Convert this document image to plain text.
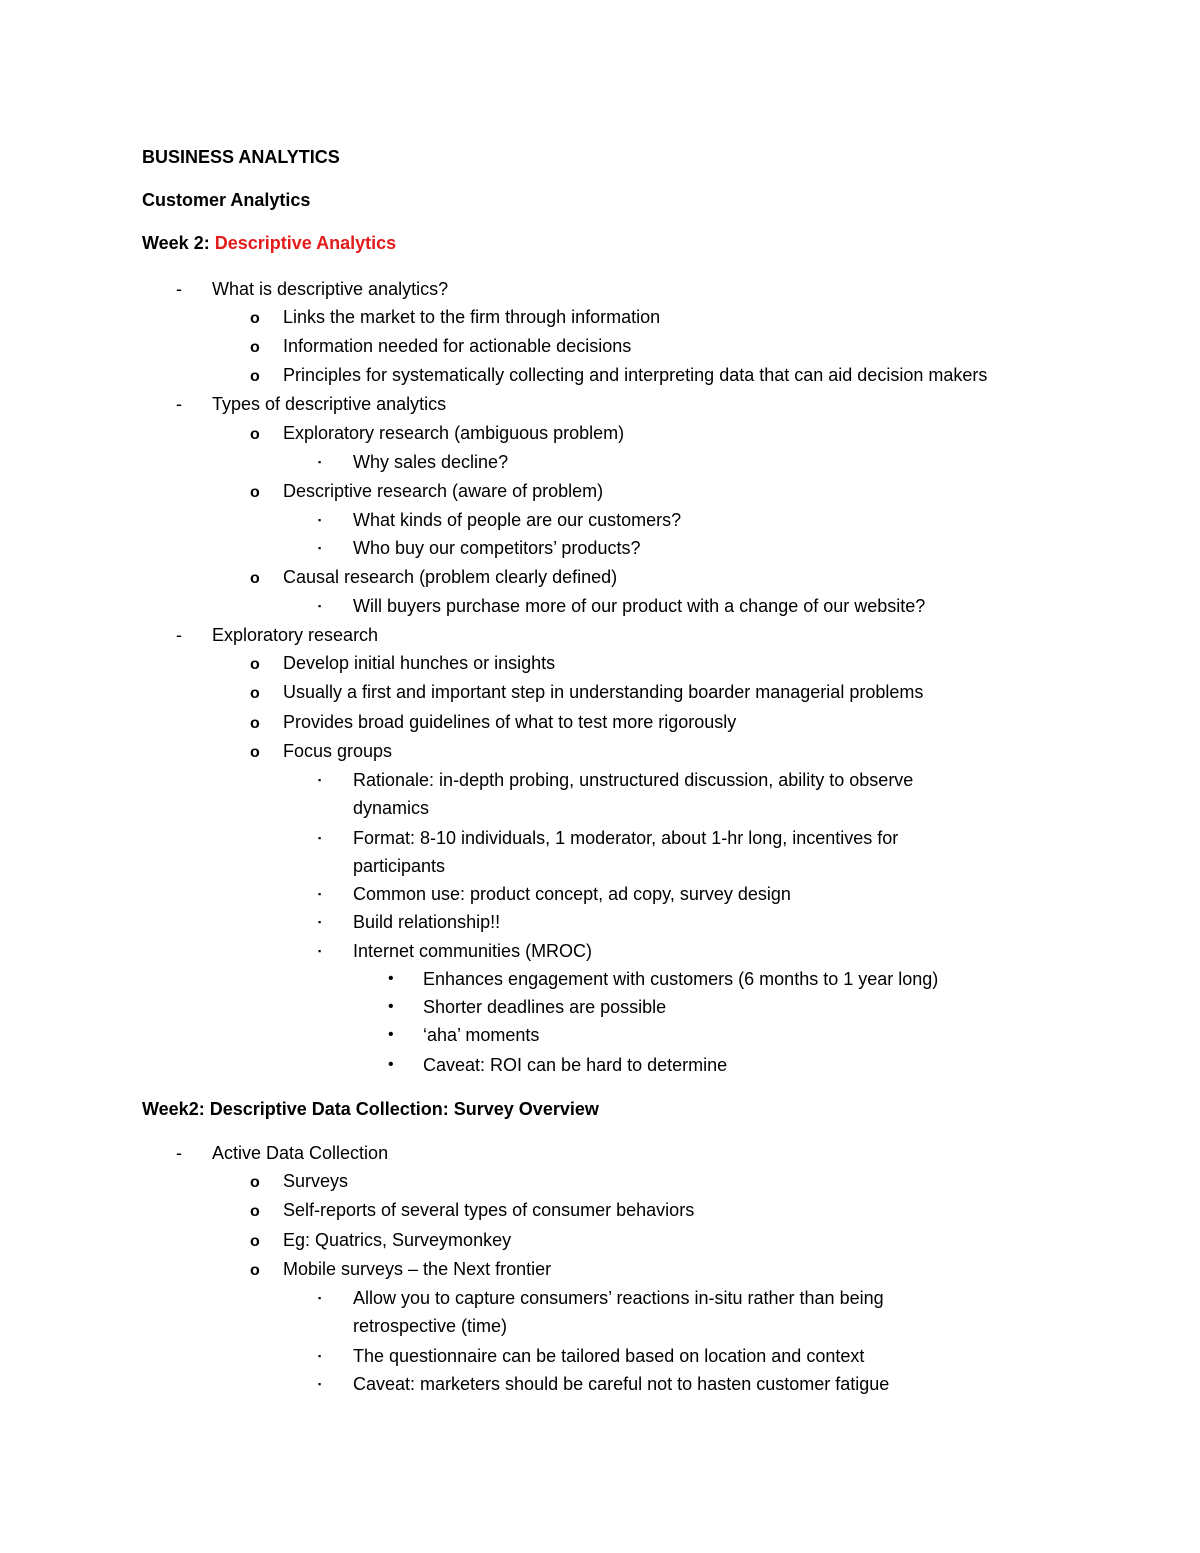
BUSINESS ANALYTICS
Customer Analytics
Week 2: Descriptive Analytics
- What is descriptive analytics?
o Links the market to the firm through information
o Information needed for actionable decisions
o Principles for systematically collecting and interpreting data that can aid decision makers
- Types of descriptive analytics
o Exploratory research (ambiguous problem)
▪ Why sales decline?
o Descriptive research (aware of problem)
▪ What kinds of people are our customers?
▪ Who buy our competitors’ products?
o Causal research (problem clearly defined)
▪ Will buyers purchase more of our product with a change of our website?
- Exploratory research
o Develop initial hunches or insights
o Usually a first and important step in understanding boarder managerial problems
o Provides broad guidelines of what to test more rigorously
o Focus groups
▪ Rationale: in-depth probing, unstructured discussion, ability to observe
dynamics
▪ Format: 8-10 individuals, 1 moderator, about 1-hr long, incentives for
participants
▪ Common use: product concept, ad copy, survey design
▪ Build relationship!!
▪ Internet communities (MROC)
• Enhances engagement with customers (6 months to 1 year long)
• Shorter deadlines are possible
• ‘aha’ moments
• Caveat: ROI can be hard to determine
Week2: Descriptive Data Collection: Survey Overview
- Active Data Collection
o Surveys
o Self-reports of several types of consumer behaviors
o Eg: Quatrics, Surveymonkey
o Mobile surveys – the Next frontier
▪ Allow you to capture consumers’ reactions in-situ rather than being
retrospective (time)
▪ The questionnaire can be tailored based on location and context
▪ Caveat: marketers should be careful not to hasten customer fatigue
